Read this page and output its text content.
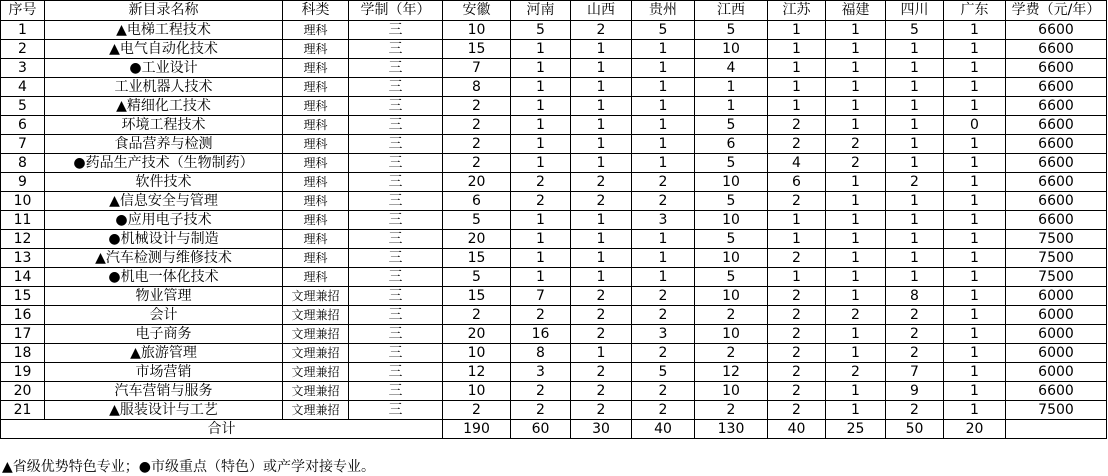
序号	新目录名称	科类	学制（年）	安徽	河南	山西	贵州	江西	江苏	福建	四川	广东	学费（元/年）
1	▲电梯工程技术	理科	三	10	5	2	5	5	1	1	5	1	6600
2	▲电气自动化技术	理科	三	15	1	1	1	10	1	1	1	1	6600
3	●工业设计	理科	三	7	1	1	1	4	1	1	1	1	6600
4	工业机器人技术	理科	三	8	1	1	1	1	1	1	1	1	6600
5	▲精细化工技术	理科	三	2	1	1	1	1	1	1	1	1	6600
6	环境工程技术	理科	三	2	1	1	1	5	2	1	1	0	6600
7	食品营养与检测	理科	三	2	1	1	1	6	2	2	1	1	6600
8	●药品生产技术（生物制药）	理科	三	2	1	1	1	5	4	2	1	1	6600
9	软件技术	理科	三	20	2	2	2	10	6	1	2	1	6600
10	▲信息安全与管理	理科	三	6	2	2	2	5	2	1	1	1	6600
11	●应用电子技术	理科	三	5	1	1	3	10	1	1	1	1	6600
12	●机械设计与制造	理科	三	20	1	1	1	5	1	1	1	1	7500
13	▲汽车检测与维修技术	理科	三	15	1	1	1	10	2	1	1	1	7500
14	●机电一体化技术	理科	三	5	1	1	1	5	1	1	1	1	7500
15	物业管理	文理兼招	三	15	7	2	2	10	2	1	8	1	6000
16	会计	文理兼招	三	2	2	2	2	2	2	2	2	1	6000
17	电子商务	文理兼招	三	20	16	2	3	10	2	1	2	1	6000
18	▲旅游管理	文理兼招	三	10	8	1	2	2	2	1	2	1	6000
19	市场营销	文理兼招	三	12	3	2	5	12	2	2	7	1	6000
20	汽车营销与服务	文理兼招	三	10	2	2	2	10	2	1	9	1	6600
21	▲服装设计与工艺	文理兼招	三	2	2	2	2	2	2	1	2	1	7500
合计				190	60	30	40	130	40	25	50	20	
▲省级优势特色专业；●市级重点（特色）或产学对接专业。
